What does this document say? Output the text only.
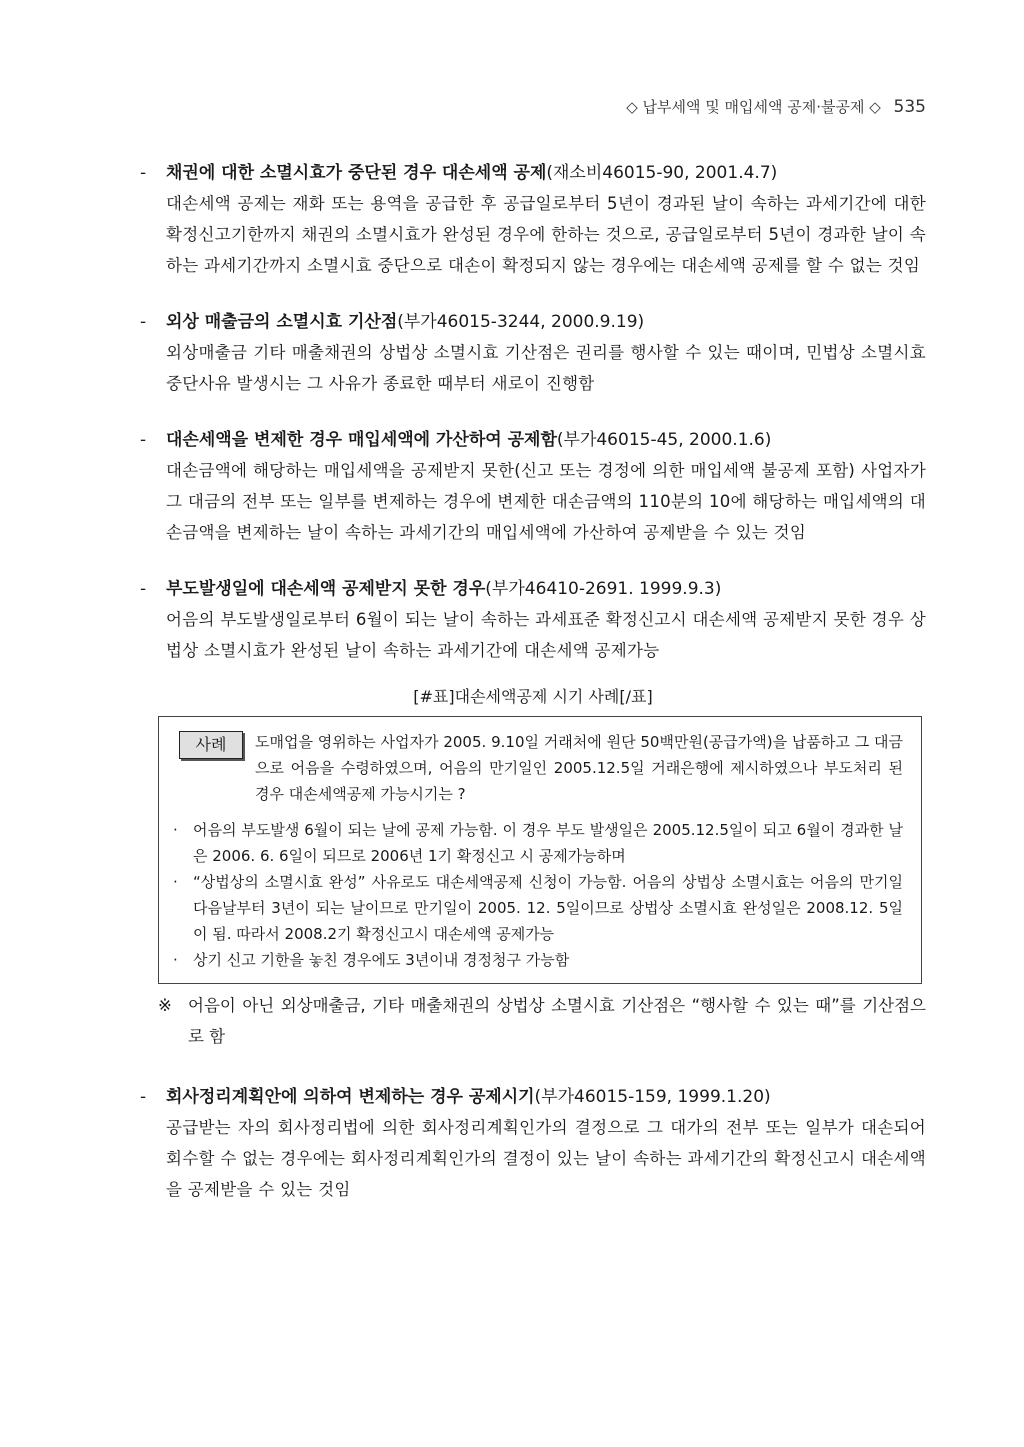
◇ 납부세액 및 매입세액 공제·불공제 ◇ 535
- 채권에 대한 소멸시효가 중단된 경우 대손세액 공제(재소비46015-90, 2001.4.7)
대손세액 공제는 재화 또는 용역을 공급한 후 공급일로부터 5년이 경과된 날이 속하는 과세기간에 대한 확정신고기한까지 채권의 소멸시효가 완성된 경우에 한하는 것으로, 공급일로부터 5년이 경과한 날이 속하는 과세기간까지 소멸시효 중단으로 대손이 확정되지 않는 경우에는 대손세액 공제를 할 수 없는 것임
- 외상 매출금의 소멸시효 기산점(부가46015-3244, 2000.9.19)
외상매출금 기타 매출채권의 상법상 소멸시효 기산점은 권리를 행사할 수 있는 때이며, 민법상 소멸시효 중단사유 발생시는 그 사유가 종료한 때부터 새로이 진행함
- 대손세액을 변제한 경우 매입세액에 가산하여 공제함(부가46015-45, 2000.1.6)
대손금액에 해당하는 매입세액을 공제받지 못한(신고 또는 경정에 의한 매입세액 불공제 포함) 사업자가 그 대금의 전부 또는 일부를 변제하는 경우에 변제한 대손금액의 110분의 10에 해당하는 매입세액의 대손금액을 변제하는 날이 속하는 과세기간의 매입세액에 가산하여 공제받을 수 있는 것임
- 부도발생일에 대손세액 공제받지 못한 경우(부가46410-2691. 1999.9.3)
어음의 부도발생일로부터 6월이 되는 날이 속하는 과세표준 확정신고시 대손세액 공제받지 못한 경우 상법상 소멸시효가 완성된 날이 속하는 과세기간에 대손세액 공제가능
[#표]대손세액공제 시기 사례[/표]
사례	도매업을 영위하는 사업자가 2005. 9.10일 거래처에 원단 50백만원(공급가액)을 납품하고 그 대금으로 어음을 수령하였으며, 어음의 만기일인 2005.12.5일 거래은행에 제시하였으나 부도처리 된 경우 대손세액공제 가능시기는 ?
· 어음의 부도발생 6월이 되는 날에 공제 가능함. 이 경우 부도 발생일은 2005.12.5일이 되고 6월이 경과한 날은 2006. 6. 6일이 되므로 2006년 1기 확정신고 시 공제가능하며
· “상법상의 소멸시효 완성” 사유로도 대손세액공제 신청이 가능함. 어음의 상법상 소멸시효는 어음의 만기일 다음날부터 3년이 되는 날이므로 만기일이 2005. 12. 5일이므로 상법상 소멸시효 완성일은 2008.12. 5일이 됨. 따라서 2008.2기 확정신고시 대손세액 공제가능
· 상기 신고 기한을 놓친 경우에도 3년이내 경정청구 가능함
※ 어음이 아닌 외상매출금, 기타 매출채권의 상법상 소멸시효 기산점은 “행사할 수 있는 때”를 기산점으로 함
- 회사정리계획안에 의하여 변제하는 경우 공제시기(부가46015-159, 1999.1.20)
공급받는 자의 회사정리법에 의한 회사정리계획인가의 결정으로 그 대가의 전부 또는 일부가 대손되어 회수할 수 없는 경우에는 회사정리계획인가의 결정이 있는 날이 속하는 과세기간의 확정신고시 대손세액을 공제받을 수 있는 것임
